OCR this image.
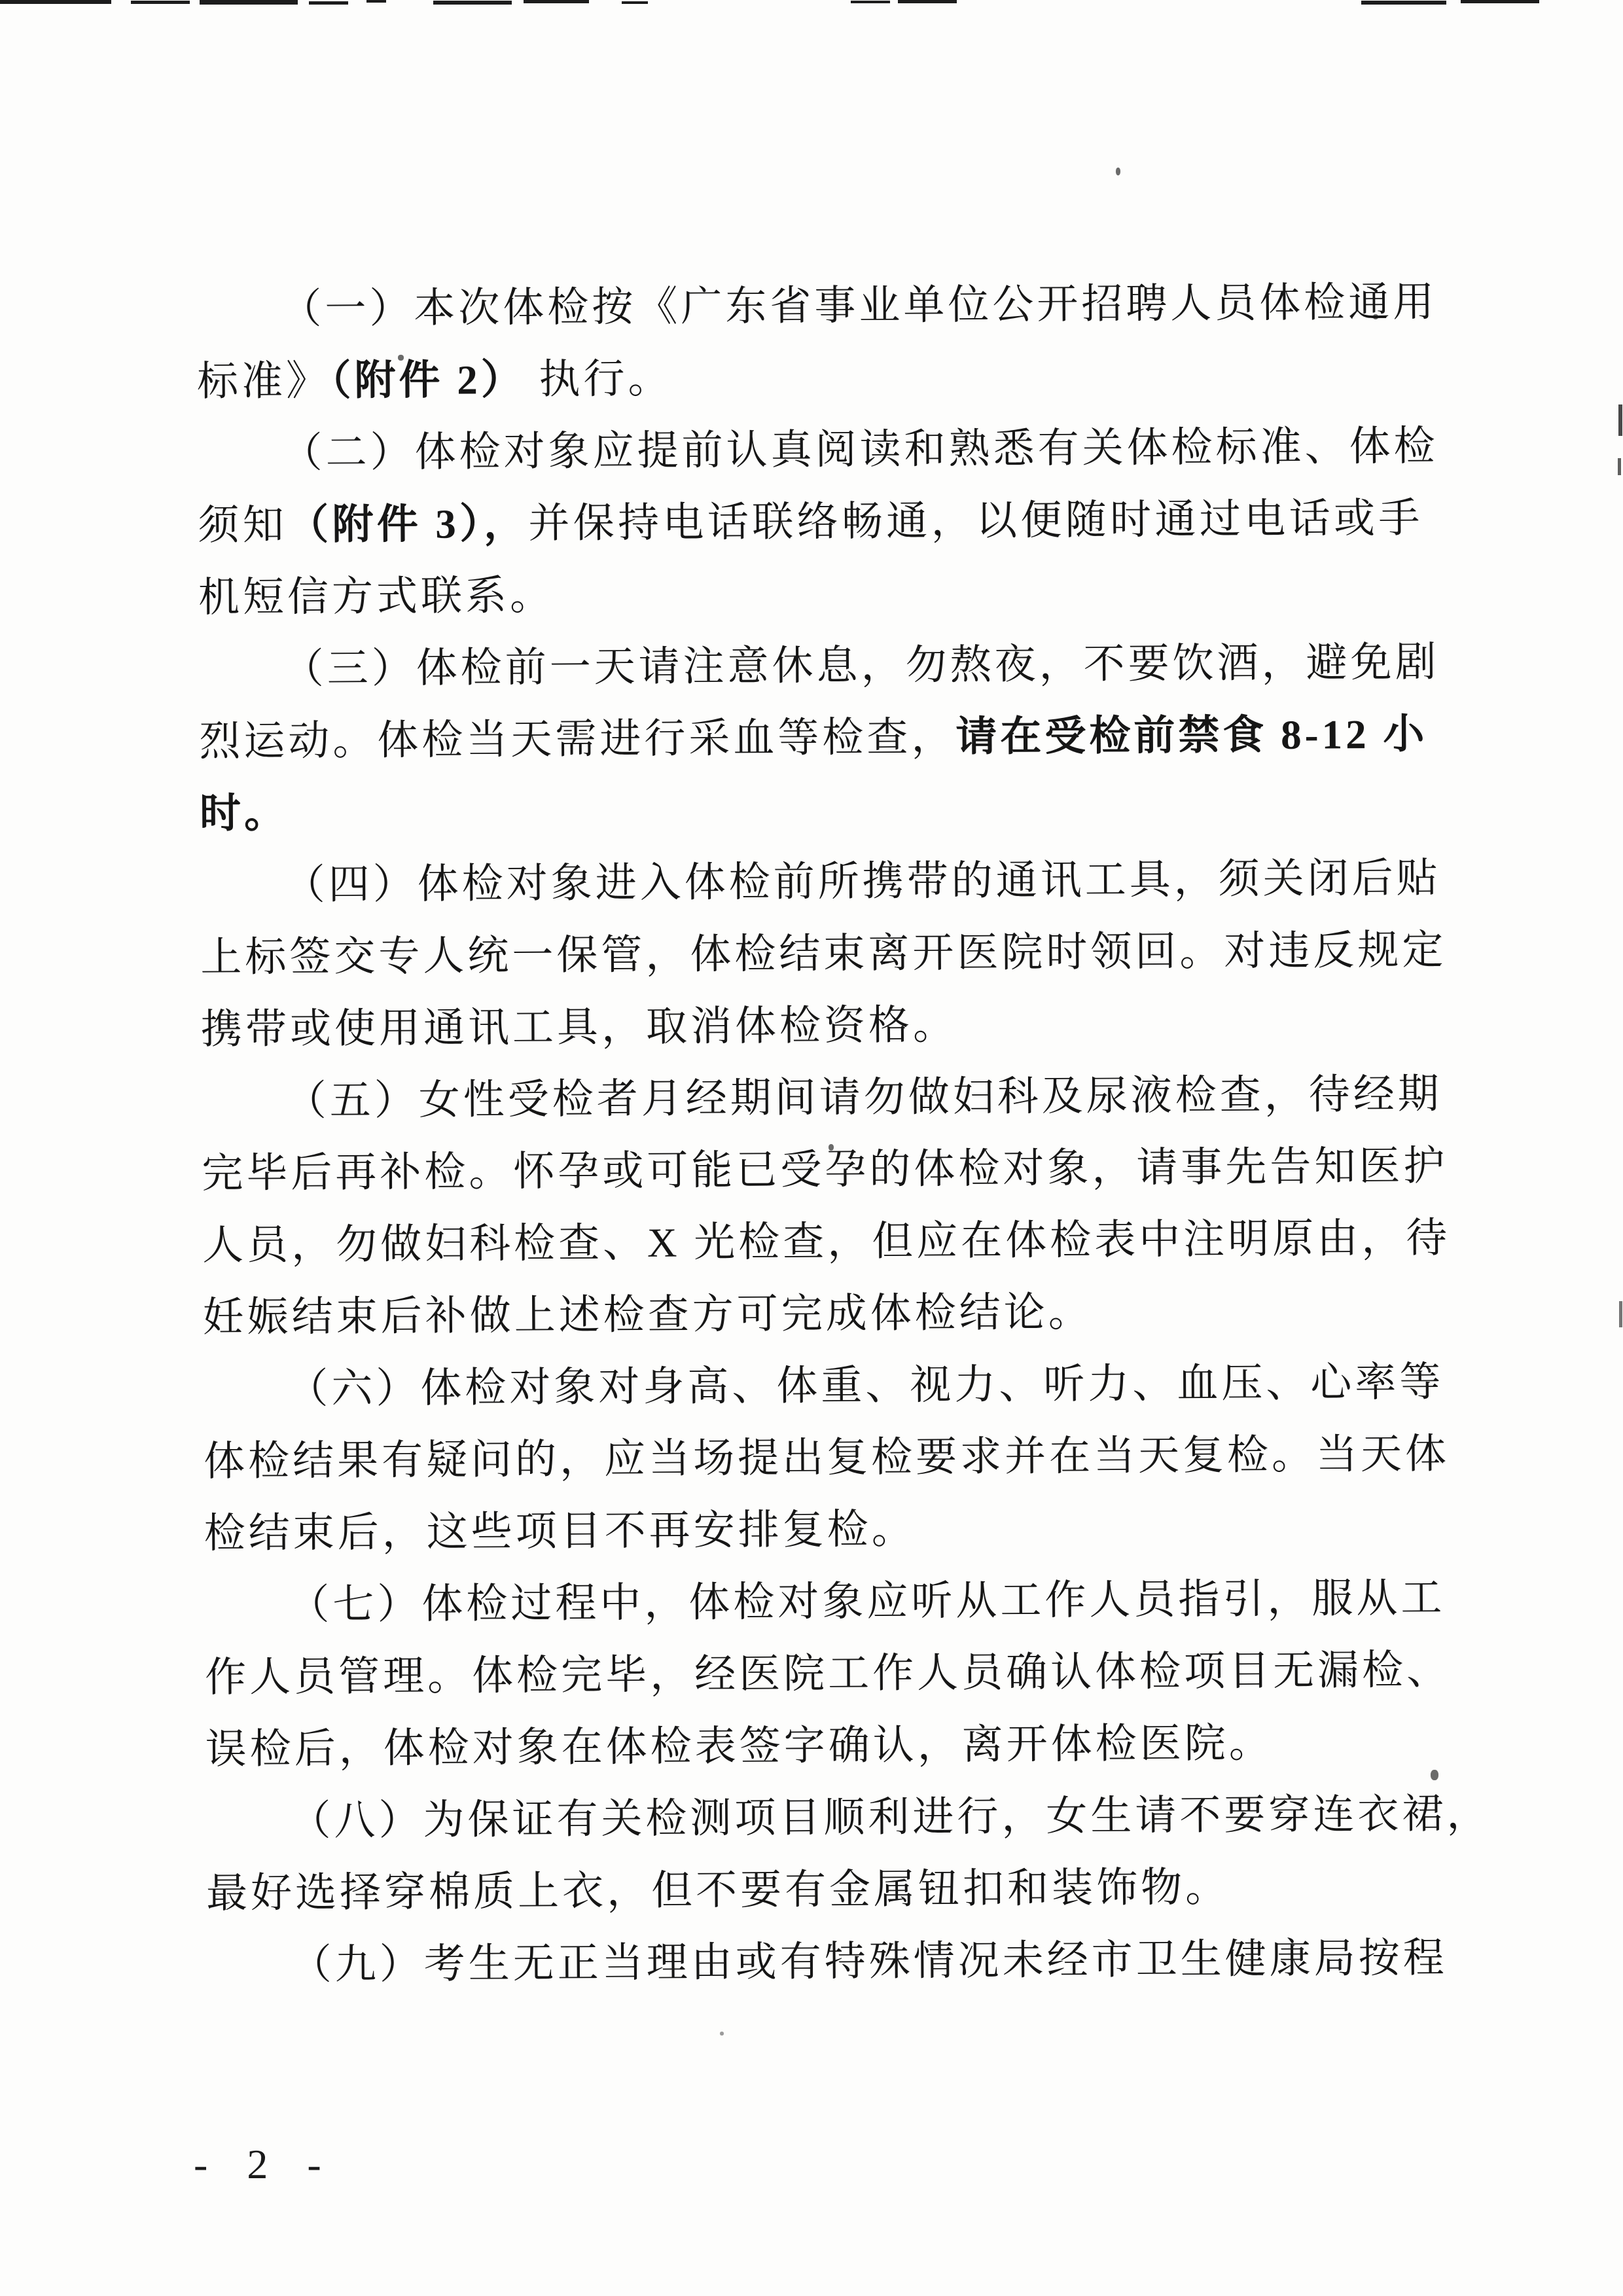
（一）本次体检按《广东省事业单位公开招聘人员体检通用
标准》（附件 2） 执行。
（二）体检对象应提前认真阅读和熟悉有关体检标准、体检
须知（附件 3），并保持电话联络畅通，以便随时通过电话或手
机短信方式联系。
（三）体检前一天请注意休息，勿熬夜，不要饮酒，避免剧
烈运动。体检当天需进行采血等检查，请在受检前禁食 8-12 小
时。
（四）体检对象进入体检前所携带的通讯工具，须关闭后贴
上标签交专人统一保管，体检结束离开医院时领回。对违反规定
携带或使用通讯工具，取消体检资格。
（五）女性受检者月经期间请勿做妇科及尿液检查，待经期
完毕后再补检。怀孕或可能已受孕的体检对象，请事先告知医护
人员，勿做妇科检查、X 光检查，但应在体检表中注明原由，待
妊娠结束后补做上述检查方可完成体检结论。
（六）体检对象对身高、体重、视力、听力、血压、心率等
体检结果有疑问的，应当场提出复检要求并在当天复检。当天体
检结束后，这些项目不再安排复检。
（七）体检过程中，体检对象应听从工作人员指引，服从工
作人员管理。体检完毕，经医院工作人员确认体检项目无漏检、
误检后，体检对象在体检表签字确认，离开体检医院。
（八）为保证有关检测项目顺利进行，女生请不要穿连衣裙，
最好选择穿棉质上衣，但不要有金属钮扣和装饰物。
（九）考生无正当理由或有特殊情况未经市卫生健康局按程
- 2 -
